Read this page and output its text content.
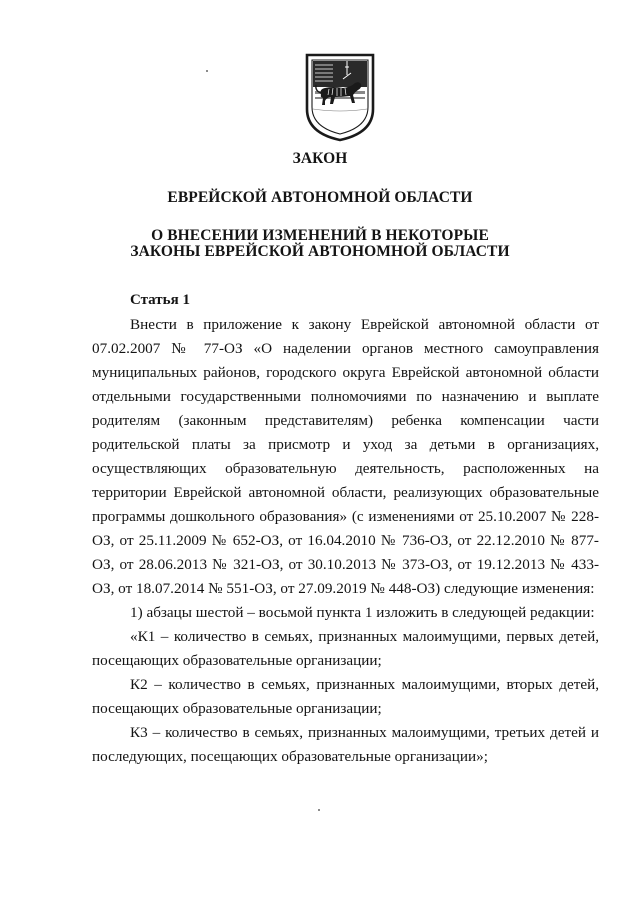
ЗАКОН
ЕВРЕЙСКОЙ АВТОНОМНОЙ ОБЛАСТИ
О ВНЕСЕНИИ ИЗМЕНЕНИЙ В НЕКОТОРЫЕ
ЗАКОНЫ ЕВРЕЙСКОЙ АВТОНОМНОЙ ОБЛАСТИ
Статья 1

Внести в приложение к закону Еврейской автономной области от 07.02.2007 № 77-ОЗ «О наделении органов местного самоуправления муниципальных районов, городского округа Еврейской автономной области отдельными государственными полномочиями по назначению и выплате родителям (законным представителям) ребенка компенсации части родительской платы за присмотр и уход за детьми в организациях, осуществляющих образовательную деятельность, расположенных на территории Еврейской автономной области, реализующих образовательные программы дошкольного образования» (с изменениями от 25.10.2007 № 228-ОЗ, от 25.11.2009 № 652-ОЗ, от 16.04.2010 № 736-ОЗ, от 22.12.2010 № 877-ОЗ, от 28.06.2013 № 321-ОЗ, от 30.10.2013 № 373-ОЗ, от 19.12.2013 № 433-ОЗ, от 18.07.2014 № 551-ОЗ, от 27.09.2019 № 448-ОЗ) следующие изменения:

1) абзацы шестой – восьмой пункта 1 изложить в следующей редакции:

«К1 – количество в семьях, признанных малоимущими, первых детей, посещающих образовательные организации;

К2 – количество в семьях, признанных малоимущими, вторых детей, посещающих образовательные организации;

К3 – количество в семьях, признанных малоимущими, третьих детей и последующих, посещающих образовательные организации»;
